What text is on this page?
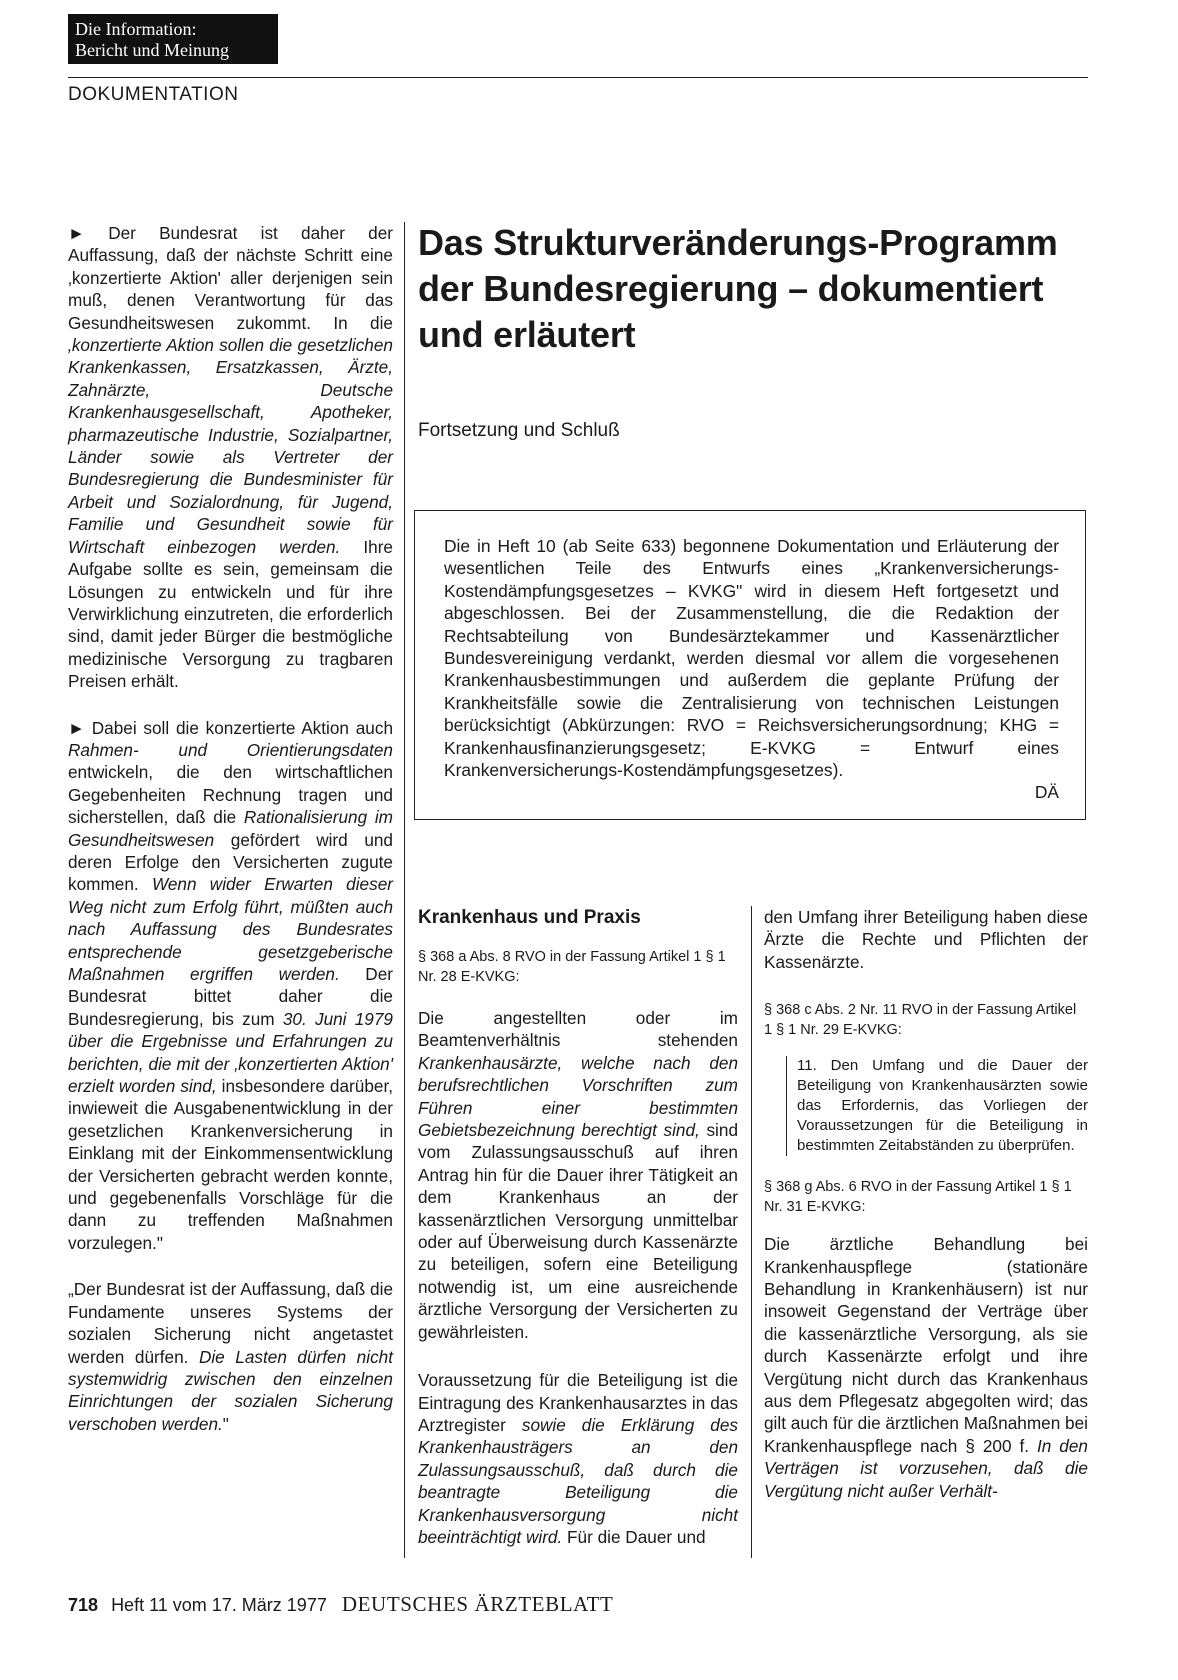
Die Information:
Bericht und Meinung
DOKUMENTATION
► Der Bundesrat ist daher der Auffassung, daß der nächste Schritt eine ‚konzertierte Aktion' aller derjenigen sein muß, denen Verantwortung für das Gesundheitswesen zukommt. In die ‚konzertierte Aktion sollen die gesetzlichen Krankenkassen, Ersatzkassen, Ärzte, Zahnärzte, Deutsche Krankenhausgesellschaft, Apotheker, pharmazeutische Industrie, Sozialpartner, Länder sowie als Vertreter der Bundesregierung die Bundesminister für Arbeit und Sozialordnung, für Jugend, Familie und Gesundheit sowie für Wirtschaft einbezogen werden. Ihre Aufgabe sollte es sein, gemeinsam die Lösungen zu entwickeln und für ihre Verwirklichung einzutreten, die erforderlich sind, damit jeder Bürger die bestmögliche medizinische Versorgung zu tragbaren Preisen erhält.
► Dabei soll die konzertierte Aktion auch Rahmen- und Orientierungsdaten entwickeln, die den wirtschaftlichen Gegebenheiten Rechnung tragen und sicherstellen, daß die Rationalisierung im Gesundheitswesen gefördert wird und deren Erfolge den Versicherten zugute kommen. Wenn wider Erwarten dieser Weg nicht zum Erfolg führt, müßten auch nach Auffassung des Bundesrates entsprechende gesetzgeberische Maßnahmen ergriffen werden. Der Bundesrat bittet daher die Bundesregierung, bis zum 30. Juni 1979 über die Ergebnisse und Erfahrungen zu berichten, die mit der ‚konzertierten Aktion' erzielt worden sind, insbesondere darüber, inwieweit die Ausgabenentwicklung in der gesetzlichen Krankenversicherung in Einklang mit der Einkommensentwicklung der Versicherten gebracht werden konnte, und gegebenenfalls Vorschläge für die dann zu treffenden Maßnahmen vorzulegen."
„Der Bundesrat ist der Auffassung, daß die Fundamente unseres Systems der sozialen Sicherung nicht angetastet werden dürfen. Die Lasten dürfen nicht systemwidrig zwischen den einzelnen Einrichtungen der sozialen Sicherung verschoben werden."
Das Strukturveränderungs-Programm der Bundesregierung – dokumentiert und erläutert
Fortsetzung und Schluß
Die in Heft 10 (ab Seite 633) begonnene Dokumentation und Erläuterung der wesentlichen Teile des Entwurfs eines „Krankenversicherungs-Kostendämpfungsgesetzes – KVKG" wird in diesem Heft fortgesetzt und abgeschlossen. Bei der Zusammenstellung, die die Redaktion der Rechtsabteilung von Bundesärztekammer und Kassenärztlicher Bundesvereinigung verdankt, werden diesmal vor allem die vorgesehenen Krankenhausbestimmungen und außerdem die geplante Prüfung der Krankheitsfälle sowie die Zentralisierung von technischen Leistungen berücksichtigt (Abkürzungen: RVO = Reichsversicherungsordnung; KHG = Krankenhausfinanzierungsgesetz; E-KVKG = Entwurf eines Krankenversicherungs-Kostendämpfungsgesetzes).
DÄ
Krankenhaus und Praxis

§ 368 a Abs. 8 RVO in der Fassung Artikel 1 § 1 Nr. 28 E-KVKG:

Die angestellten oder im Beamtenverhältnis stehenden Krankenhausärzte, welche nach den berufsrechtlichen Vorschriften zum Führen einer bestimmten Gebietsbezeichnung berechtigt sind, sind vom Zulassungsausschuß auf ihren Antrag hin für die Dauer ihrer Tätigkeit an dem Krankenhaus an der kassenärztlichen Versorgung unmittelbar oder auf Überweisung durch Kassenärzte zu beteiligen, sofern eine Beteiligung notwendig ist, um eine ausreichende ärztliche Versorgung der Versicherten zu gewährleisten.
Voraussetzung für die Beteiligung ist die Eintragung des Krankenhausarztes in das Arztregister sowie die Erklärung des Krankenhausträgers an den Zulassungsausschuß, daß durch die beantragte Beteiligung die Krankenhausversorgung nicht beeinträchtigt wird. Für die Dauer und

den Umfang ihrer Beteiligung haben diese Ärzte die Rechte und Pflichten der Kassenärzte.

§ 368 c Abs. 2 Nr. 11 RVO in der Fassung Artikel 1 § 1 Nr. 29 E-KVKG:

11. Den Umfang und die Dauer der Beteiligung von Krankenhausärzten sowie das Erfordernis, das Vorliegen der Voraussetzungen für die Beteiligung in bestimmten Zeitabständen zu überprüfen.

§ 368 g Abs. 6 RVO in der Fassung Artikel 1 § 1 Nr. 31 E-KVKG:

Die ärztliche Behandlung bei Krankenhauspflege (stationäre Behandlung in Krankenhäusern) ist nur insoweit Gegenstand der Verträge über die kassenärztliche Versorgung, als sie durch Kassenärzte erfolgt und ihre Vergütung nicht durch das Krankenhaus aus dem Pflegesatz abgegolten wird; das gilt auch für die ärztlichen Maßnahmen bei Krankenhauspflege nach § 200 f. In den Verträgen ist vorzusehen, daß die Vergütung nicht außer Verhält-
718 Heft 11 vom 17. März 1977 DEUTSCHES ÄRZTEBLATT
